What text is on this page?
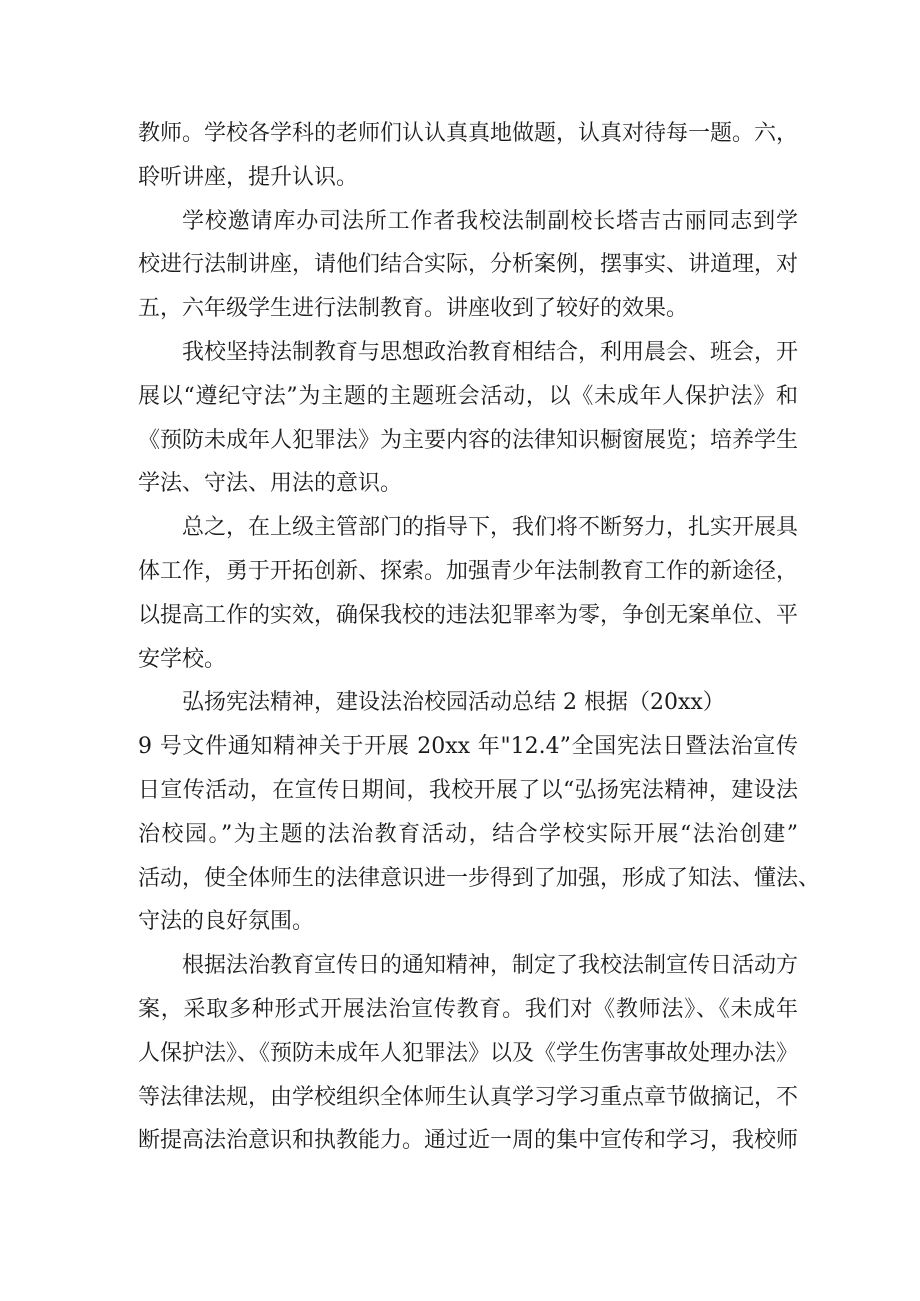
教师。学校各学科的老师们认认真真地做题，认真对待每一题。六，
聆听讲座，提升认识。
学校邀请库办司法所工作者我校法制副校长塔吉古丽同志到学
校进行法制讲座，请他们结合实际，分析案例，摆事实、讲道理，对
五，六年级学生进行法制教育。讲座收到了较好的效果。
我校坚持法制教育与思想政治教育相结合，利用晨会、班会，开
展以“遵纪守法”为主题的主题班会活动，以《未成年人保护法》和
《预防未成年人犯罪法》为主要内容的法律知识橱窗展览；培养学生
学法、守法、用法的意识。
总之，在上级主管部门的指导下，我们将不断努力，扎实开展具
体工作，勇于开拓创新、探索。加强青少年法制教育工作的新途径，
以提高工作的实效，确保我校的违法犯罪率为零，争创无案单位、平
安学校。
弘扬宪法精神，建设法治校园活动总结 2 根据（20xx）
9 号文件通知精神关于开展 20xx 年"12.4”全国宪法日暨法治宣传
日宣传活动，在宣传日期间，我校开展了以“弘扬宪法精神，建设法
治校园。”为主题的法治教育活动，结合学校实际开展“法治创建”
活动，使全体师生的法律意识进一步得到了加强，形成了知法、懂法、
守法的良好氛围。
根据法治教育宣传日的通知精神，制定了我校法制宣传日活动方
案，采取多种形式开展法治宣传教育。我们对《教师法》、《未成年
人保护法》、《预防未成年人犯罪法》以及《学生伤害事故处理办法》
等法律法规，由学校组织全体师生认真学习学习重点章节做摘记，不
断提高法治意识和执教能力。通过近一周的集中宣传和学习，我校师
